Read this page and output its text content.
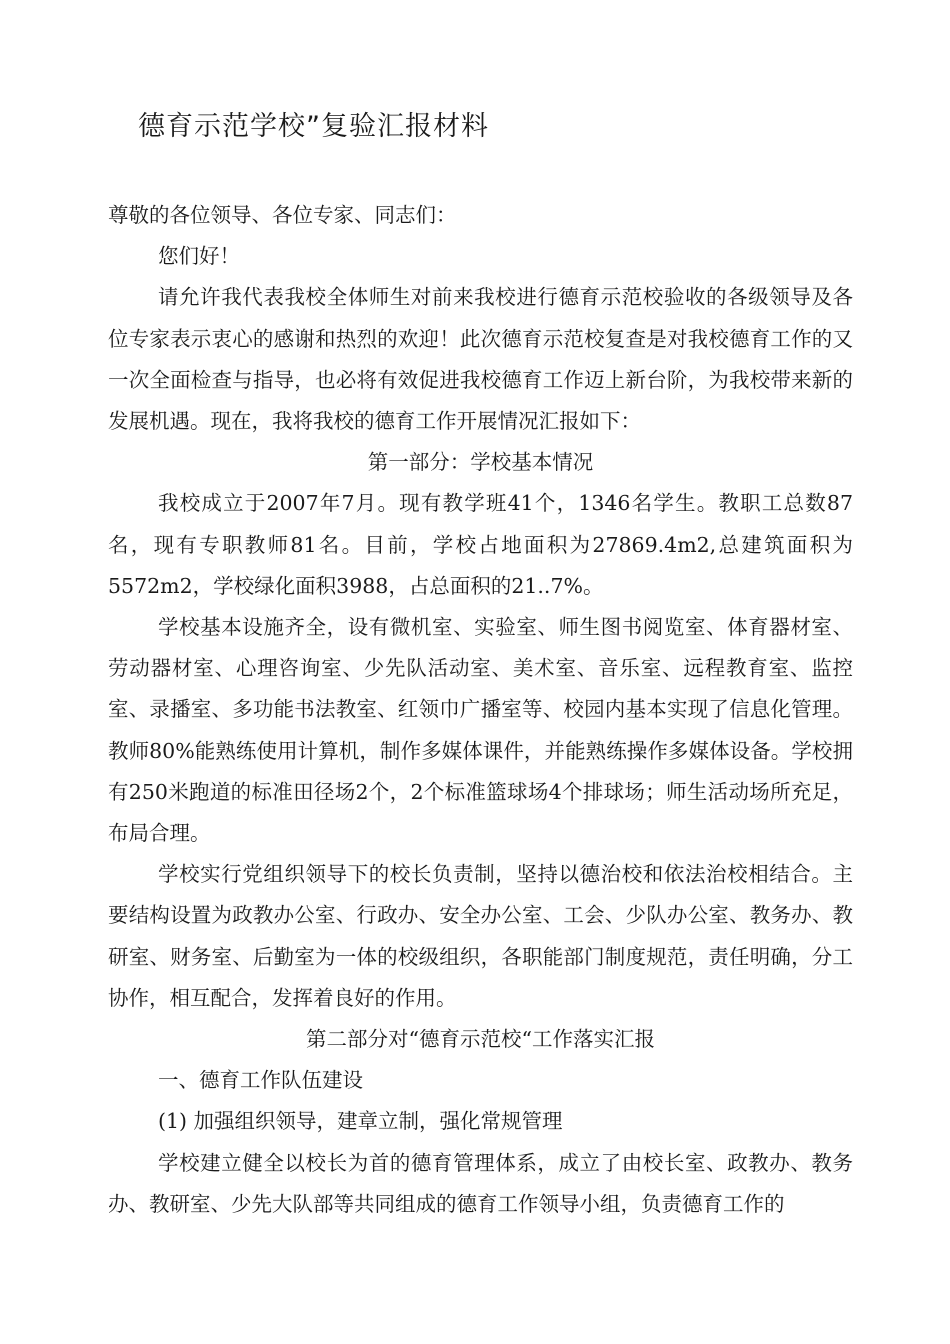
德育示范学校”复验汇报材料

尊敬的各位领导、各位专家、同志们：

您们好！

请允许我代表我校全体师生对前来我校进行德育示范校验收的各级领导及各位专家表示衷心的感谢和热烈的欢迎！此次德育示范校复查是对我校德育工作的又一次全面检查与指导，也必将有效促进我校德育工作迈上新台阶，为我校带来新的发展机遇。现在，我将我校的德育工作开展情况汇报如下：

第一部分：学校基本情况

我校成立于2007年7月。现有教学班41个，1346名学生。教职工总数87名，现有专职教师81名。目前，学校占地面积为27869.4m2,总建筑面积为5572m2，学校绿化面积3988，占总面积的21..7%。

学校基本设施齐全，设有微机室、实验室、师生图书阅览室、体育器材室、劳动器材室、心理咨询室、少先队活动室、美术室、音乐室、远程教育室、监控室、录播室、多功能书法教室、红领巾广播室等、校园内基本实现了信息化管理。教师80%能熟练使用计算机，制作多媒体课件，并能熟练操作多媒体设备。学校拥有250米跑道的标准田径场2个，2个标准篮球场4个排球场；师生活动场所充足，布局合理。

学校实行党组织领导下的校长负责制，坚持以德治校和依法治校相结合。主要结构设置为政教办公室、行政办、安全办公室、工会、少队办公室、教务办、教研室、财务室、后勤室为一体的校级组织，各职能部门制度规范，责任明确，分工协作，相互配合，发挥着良好的作用。

第二部分对“德育示范校“工作落实汇报

一、德育工作队伍建设

(1) 加强组织领导，建章立制，强化常规管理

学校建立健全以校长为首的德育管理体系，成立了由校长室、政教办、教务办、教研室、少先大队部等共同组成的德育工作领导小组，负责德育工作的
